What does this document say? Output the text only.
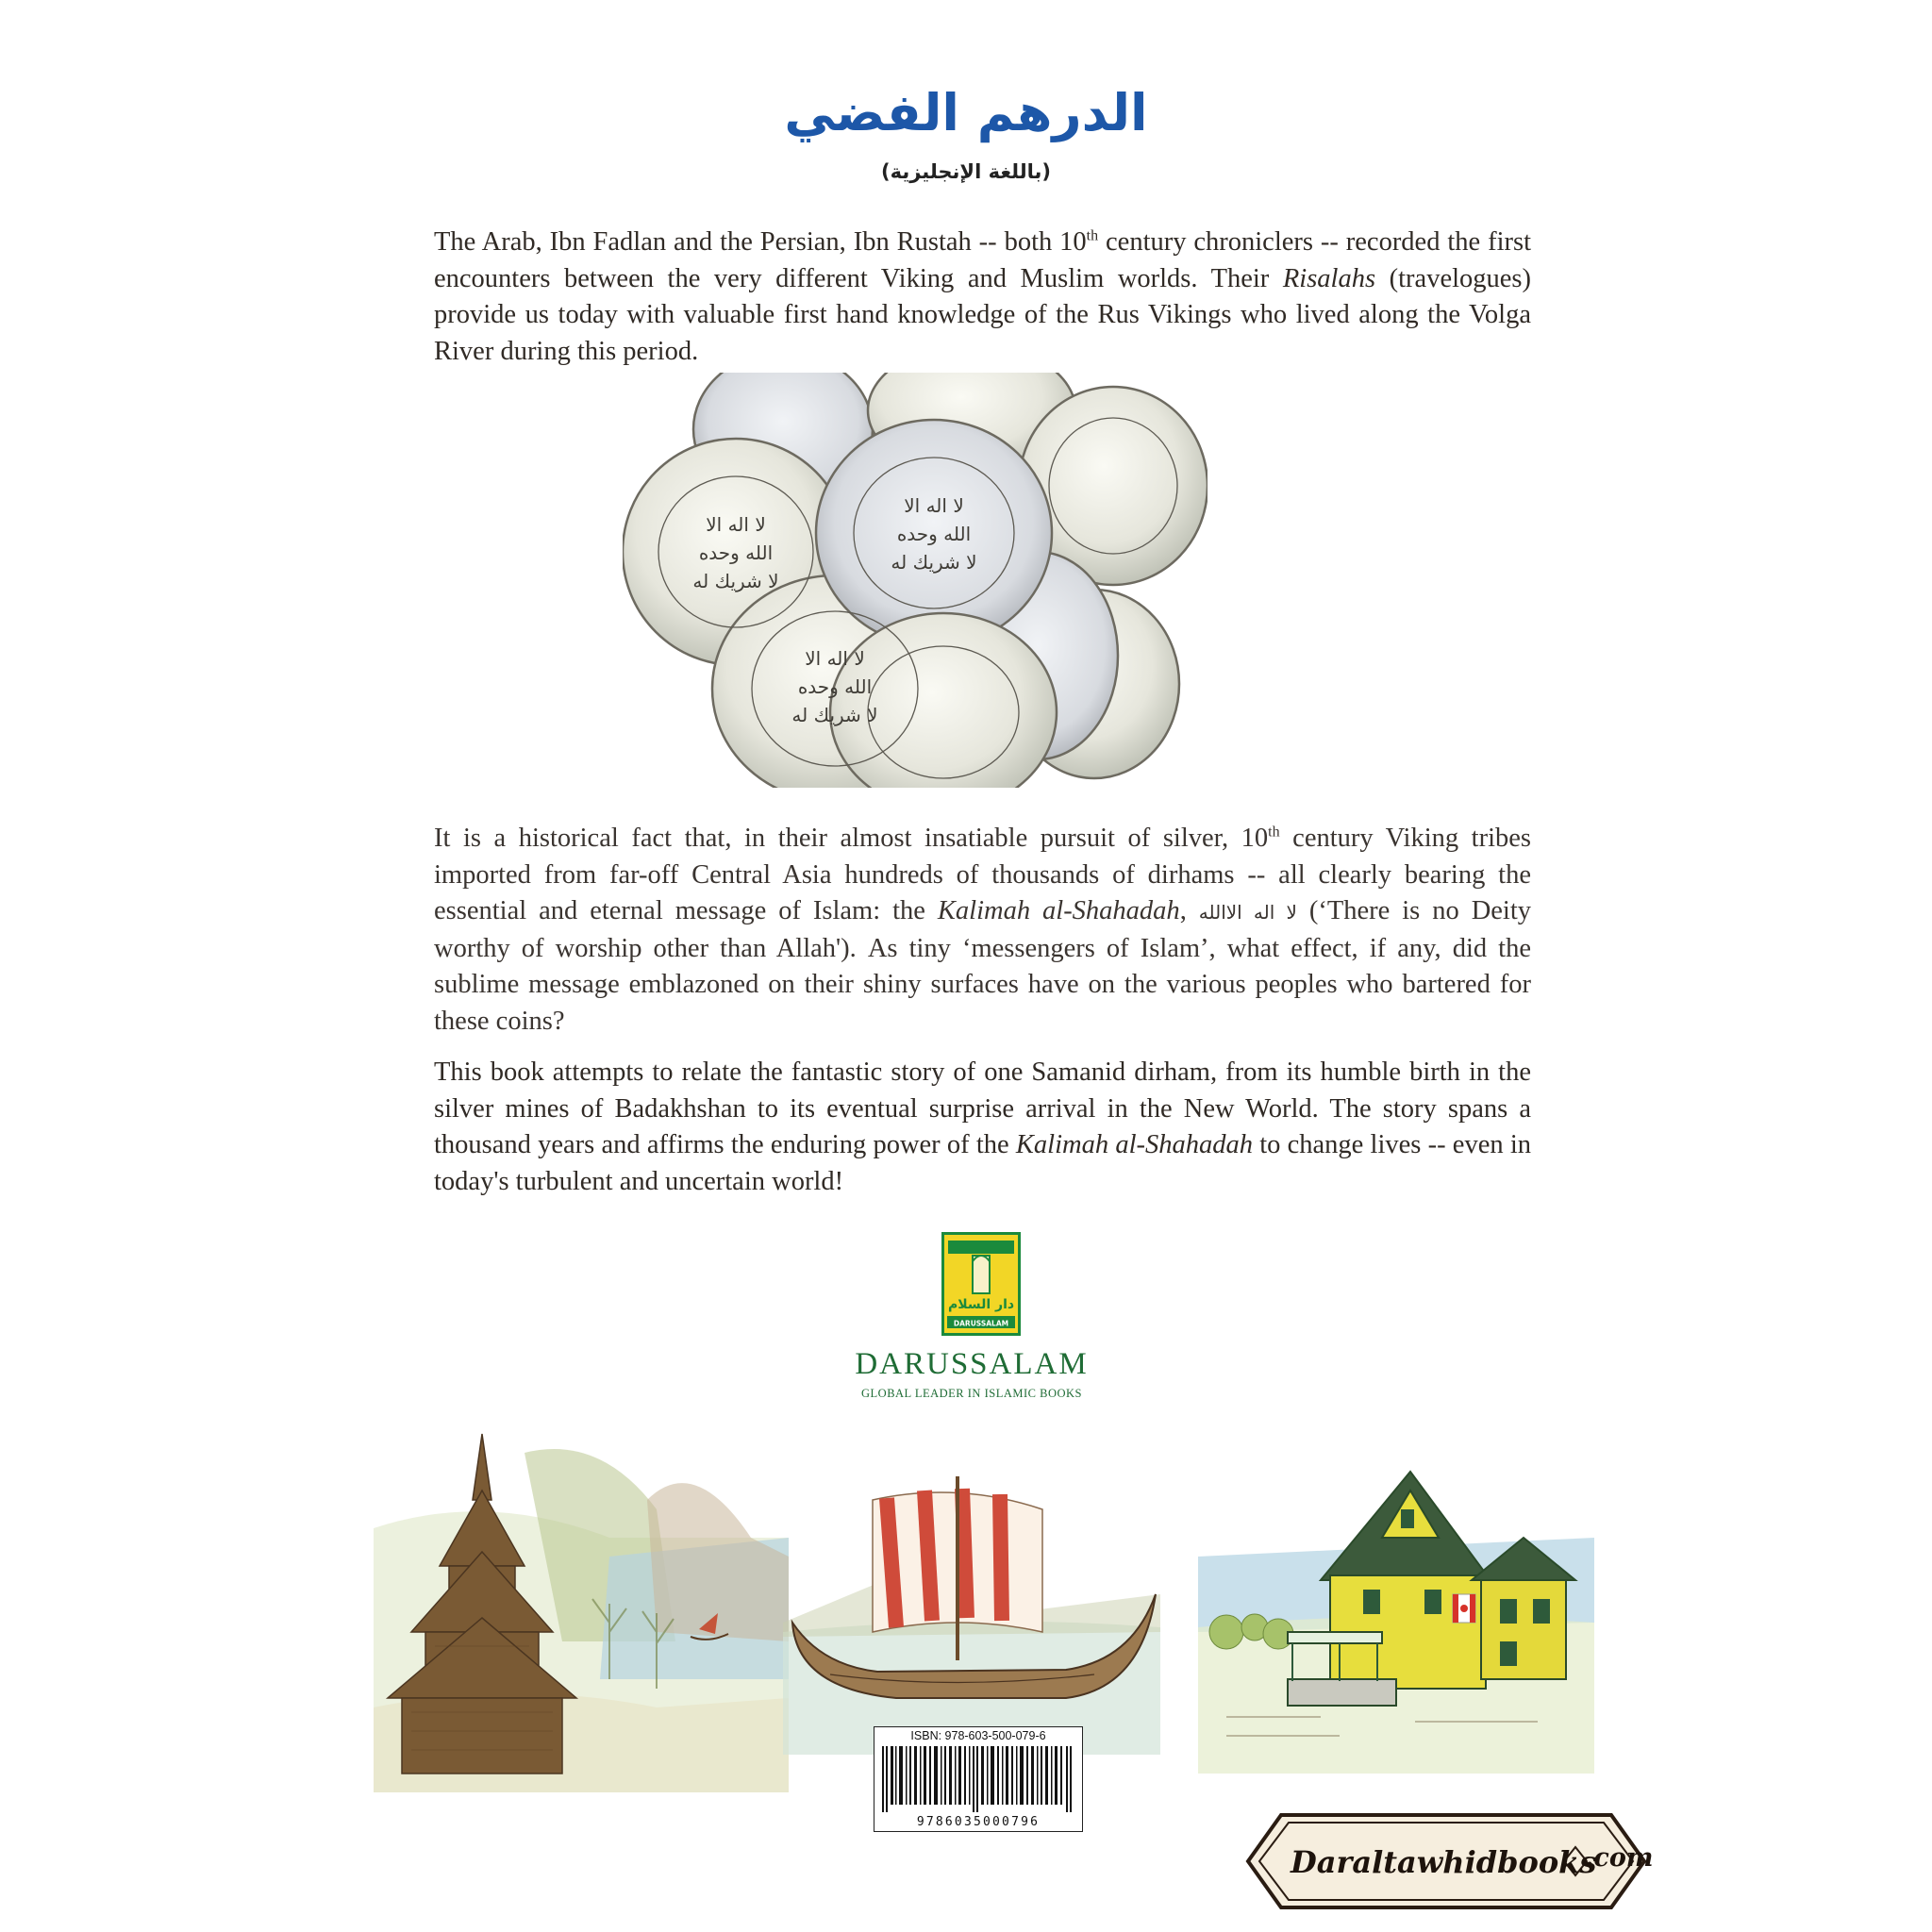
الدرهم الفضي
(باللغة الإنجليزية)

The Arab, Ibn Fadlan and the Persian, Ibn Rustah -- both 10th century chroniclers -- recorded the first encounters between the very different Viking and Muslim worlds. Their Risalahs (travelogues) provide us today with valuable first hand knowledge of the Rus Vikings who lived along the Volga River during this period.

لا اله الا
الله وحده
لا شريك له
لا اله الا
الله وحده
لا شريك له
لا اله الا
الله وحده
لا شريك له

It is a historical fact that, in their almost insatiable pursuit of silver, 10th century Viking tribes imported from far-off Central Asia hundreds of thousands of dirhams -- all clearly bearing the essential and eternal message of Islam: the Kalimah al-Shahadah, لا اله الاالله (‘There is no Deity worthy of worship other than Allah'). As tiny ‘messengers of Islam’, what effect, if any, did the sublime message emblazoned on their shiny surfaces have on the various peoples who bartered for these coins?

This book attempts to relate the fantastic story of one Samanid dirham, from its humble birth in the silver mines of Badakhshan to its eventual surprise arrival in the New World. The story spans a thousand years and affirms the enduring power of the Kalimah al-Shahadah to change lives -- even in today's turbulent and uncertain world!

دار السلام
DARUSSALAM
DARUSSALAM
GLOBAL LEADER IN ISLAMIC BOOKS
ISBN: 978-603-500-079-6
9786035000796
Daraltawhidbooks
.com
